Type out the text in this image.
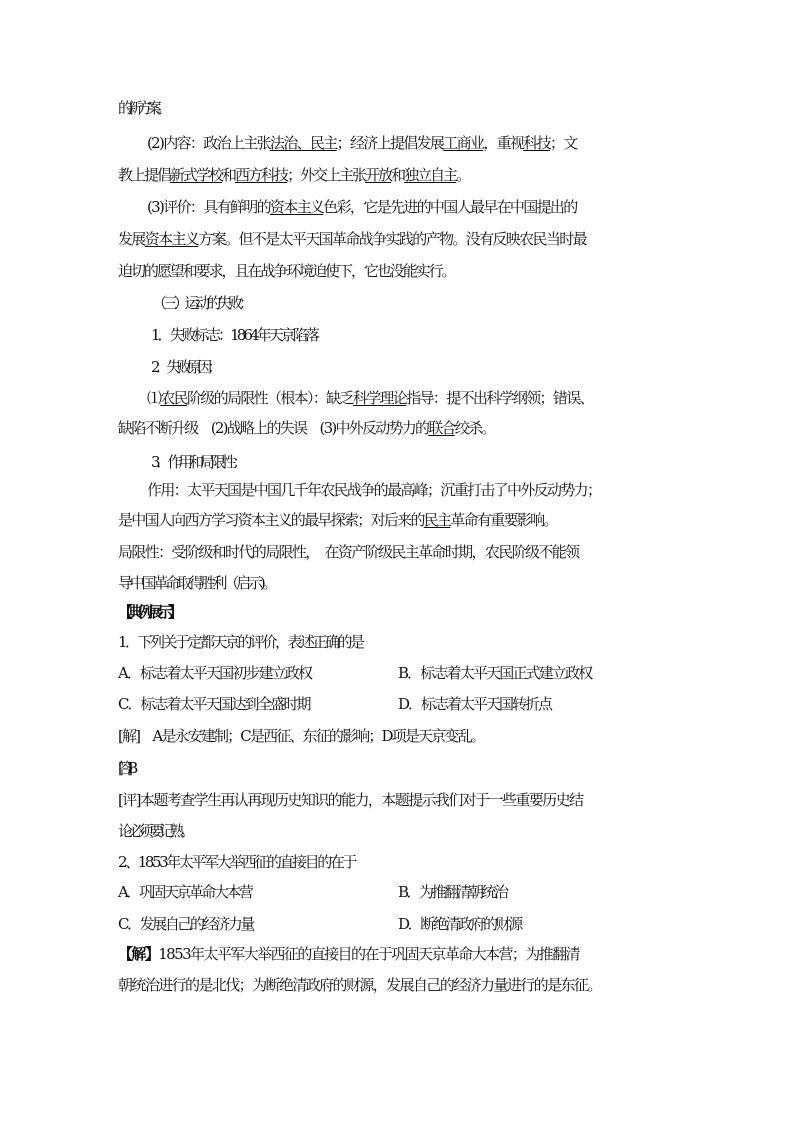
的新方案。
(2)内容：政治上主张法治、民主；经济上提倡发展工商业，重视科技；文
教上提倡新式学校和西方科技；外交上主张开放和独立自主。
(3)评价：具有鲜明的资本主义色彩，它是先进的中国人最早在中国提出的
发展资本主义方案。但不是太平天国革命战争实践的产物。没有反映农民当时最
迫切的愿望和要求，且在战争环境迫使下，它也没能实行。
（三）运动的失败：
1．失败标志：1864年天京陷落
2．失败原因：
⑴农民阶级的局限性（根本）：缺乏科学理论指导：提不出科学纲领；错误、
缺陷不断升级　(2)战略上的失误　(3)中外反动势力的联合绞杀。
3．作用和局限性：
作用：太平天国是中国几千年农民战争的最高峰；沉重打击了中外反动势力；
是中国人向西方学习资本主义的最早探索；对后来的民主革命有重要影响。
局限性：受阶级和时代的局限性，　在资产阶级民主革命时期，农民阶级不能领
导中国革命取得胜利（启示)。
【典例展示】
1．下列关于定都天京的评价，表述正确的是
A．标志着太平天国初步建立政权	B．标志着太平天国正式建立政权
C．标志着太平天国达到全盛时期	D．标志着太平天国转折点
[解]　A是永安建制；C是西征、东征的影响；D项是天京变乱。
[答]B
[评]本题考查学生再认再现历史知识的能力，本题提示我们对于一些重要历史结
论必须要记熟。
2、1853年太平军大举西征的直接目的在于
A．巩固天京革命大本营	B．为推翻清朝统治
C．发展自己的经济力量	D．断绝清政府的财源
【解】1853年太平军大举西征的直接目的在于巩固天京革命大本营；为推翻清
朝统治进行的是北伐；为断绝清政府的财源，发展自己的经济力量进行的是东征。
